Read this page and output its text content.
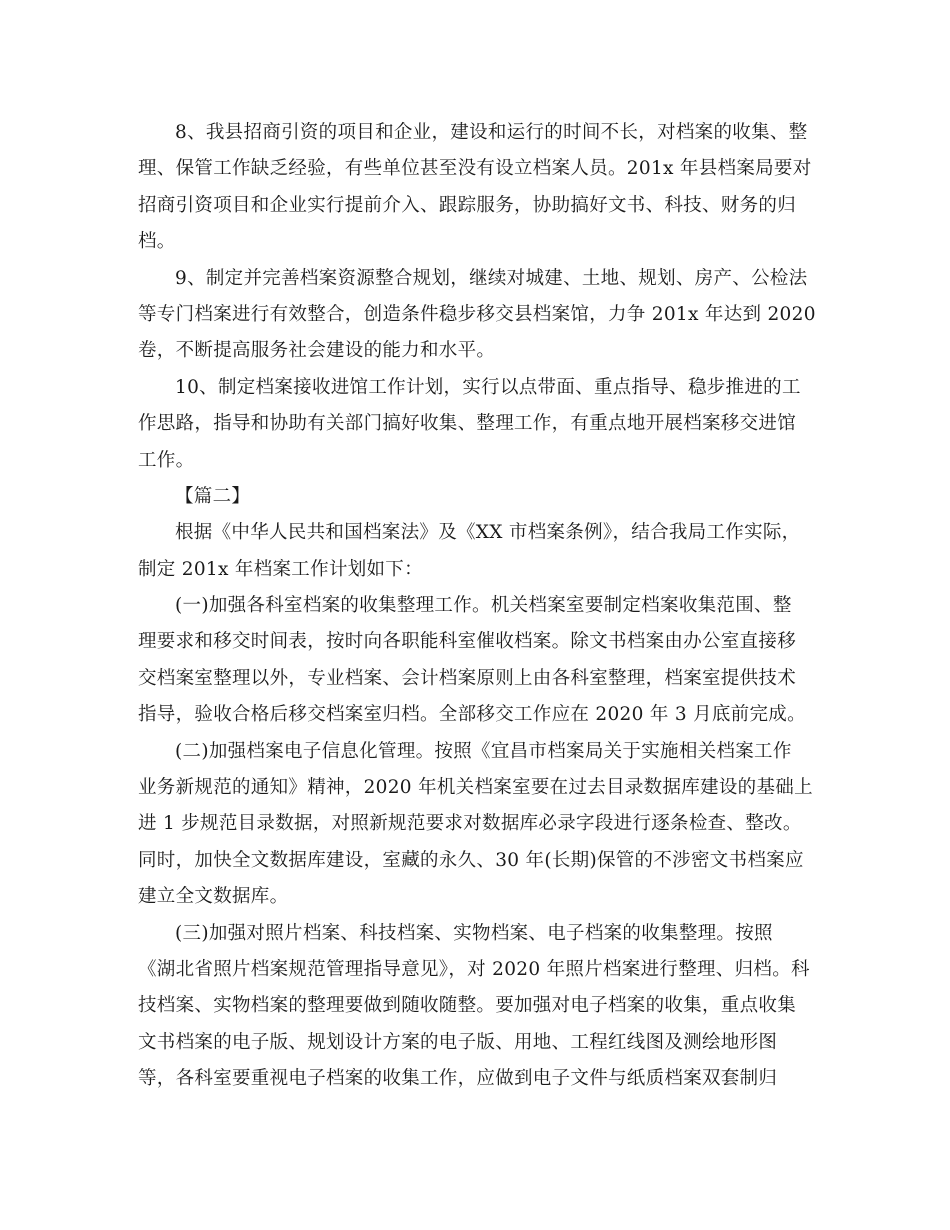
8、我县招商引资的项目和企业，建设和运行的时间不长，对档案的收集、整
理、保管工作缺乏经验，有些单位甚至没有设立档案人员。201x 年县档案局要对
招商引资项目和企业实行提前介入、跟踪服务，协助搞好文书、科技、财务的归
档。
9、制定并完善档案资源整合规划，继续对城建、土地、规划、房产、公检法
等专门档案进行有效整合，创造条件稳步移交县档案馆，力争 201x 年达到 2020
卷，不断提高服务社会建设的能力和水平。
10、制定档案接收进馆工作计划，实行以点带面、重点指导、稳步推进的工
作思路，指导和协助有关部门搞好收集、整理工作，有重点地开展档案移交进馆
工作。
【篇二】
根据《中华人民共和国档案法》及《XX 市档案条例》，结合我局工作实际，
制定 201x 年档案工作计划如下：
(一)加强各科室档案的收集整理工作。机关档案室要制定档案收集范围、整
理要求和移交时间表，按时向各职能科室催收档案。除文书档案由办公室直接移
交档案室整理以外，专业档案、会计档案原则上由各科室整理，档案室提供技术
指导，验收合格后移交档案室归档。全部移交工作应在 2020 年 3 月底前完成。
(二)加强档案电子信息化管理。按照《宜昌市档案局关于实施相关档案工作
业务新规范的通知》精神，2020 年机关档案室要在过去目录数据库建设的基础上
进 1 步规范目录数据，对照新规范要求对数据库必录字段进行逐条检查、整改。
同时，加快全文数据库建设，室藏的永久、30 年(长期)保管的不涉密文书档案应
建立全文数据库。
(三)加强对照片档案、科技档案、实物档案、电子档案的收集整理。按照
《湖北省照片档案规范管理指导意见》，对 2020 年照片档案进行整理、归档。科
技档案、实物档案的整理要做到随收随整。要加强对电子档案的收集，重点收集
文书档案的电子版、规划设计方案的电子版、用地、工程红线图及测绘地形图
等，各科室要重视电子档案的收集工作，应做到电子文件与纸质档案双套制归
